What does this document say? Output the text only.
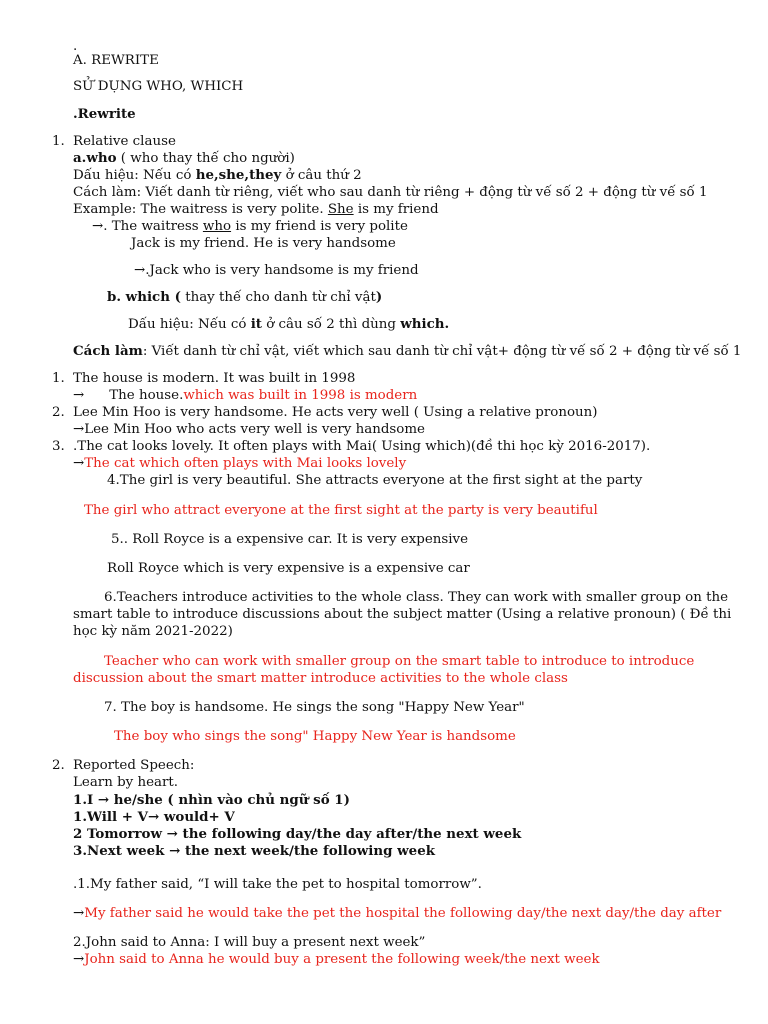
.
A. REWRITE
SỬ DỤNG WHO, WHICH
.Rewrite
1. Relative clause
a.who ( who thay thế cho người)
Dấu hiệu: Nếu có he,she,they ở câu thứ 2
Cách làm: Viết danh từ riêng, viết who sau danh từ riêng + động từ vế số 2 + động từ vế số 1
Example: The waitress is very polite. She is my friend
→. The waitress who is my friend is very polite
Jack is my friend. He is very handsome
→.Jack who is very handsome is my friend
b. which ( thay thế cho danh từ chỉ vật)
Dấu hiệu: Nếu có it ở câu số 2 thì dùng which.
Cách làm: Viết danh từ chỉ vật, viết which sau danh từ chỉ vật+ động từ vế số 2 + động từ vế số 1
1. The house is modern. It was built in 1998
→ The house.which was built in 1998 is modern
2. Lee Min Hoo is very handsome. He acts very well ( Using a relative pronoun)
→Lee Min Hoo who acts very well is very handsome
3. .The cat looks lovely. It often plays with Mai( Using which)(đề thi học kỳ 2016-2017).
→The cat which often plays with Mai looks lovely
4.The girl is very beautiful. She attracts everyone at the first sight at the party
The girl who attract everyone at the first sight at the party is very beautiful
5.. Roll Royce is a expensive car. It is very expensive
Roll Royce which is very expensive is a expensive car
6.Teachers introduce activities to the whole class. They can work with smaller group on the
smart table to introduce discussions about the subject matter (Using a relative pronoun) ( Đề thi
học kỳ năm 2021-2022)
Teacher who can work with smaller group on the smart table to introduce to introduce
discussion about the smart matter introduce activities to the whole class
7. The boy is handsome. He sings the song "Happy New Year"
The boy who sings the song" Happy New Year is handsome
2. Reported Speech:
Learn by heart.
1.I → he/she ( nhìn vào chủ ngữ số 1)
1.Will + V→ would+ V
2 Tomorrow → the following day/the day after/the next week
3.Next week → the next week/the following week
.1.My father said, “I will take the pet to hospital tomorrow”.
→My father said he would take the pet the hospital the following day/the next day/the day after
2.John said to Anna: I will buy a present next week”
→John said to Anna he would buy a present the following week/the next week
